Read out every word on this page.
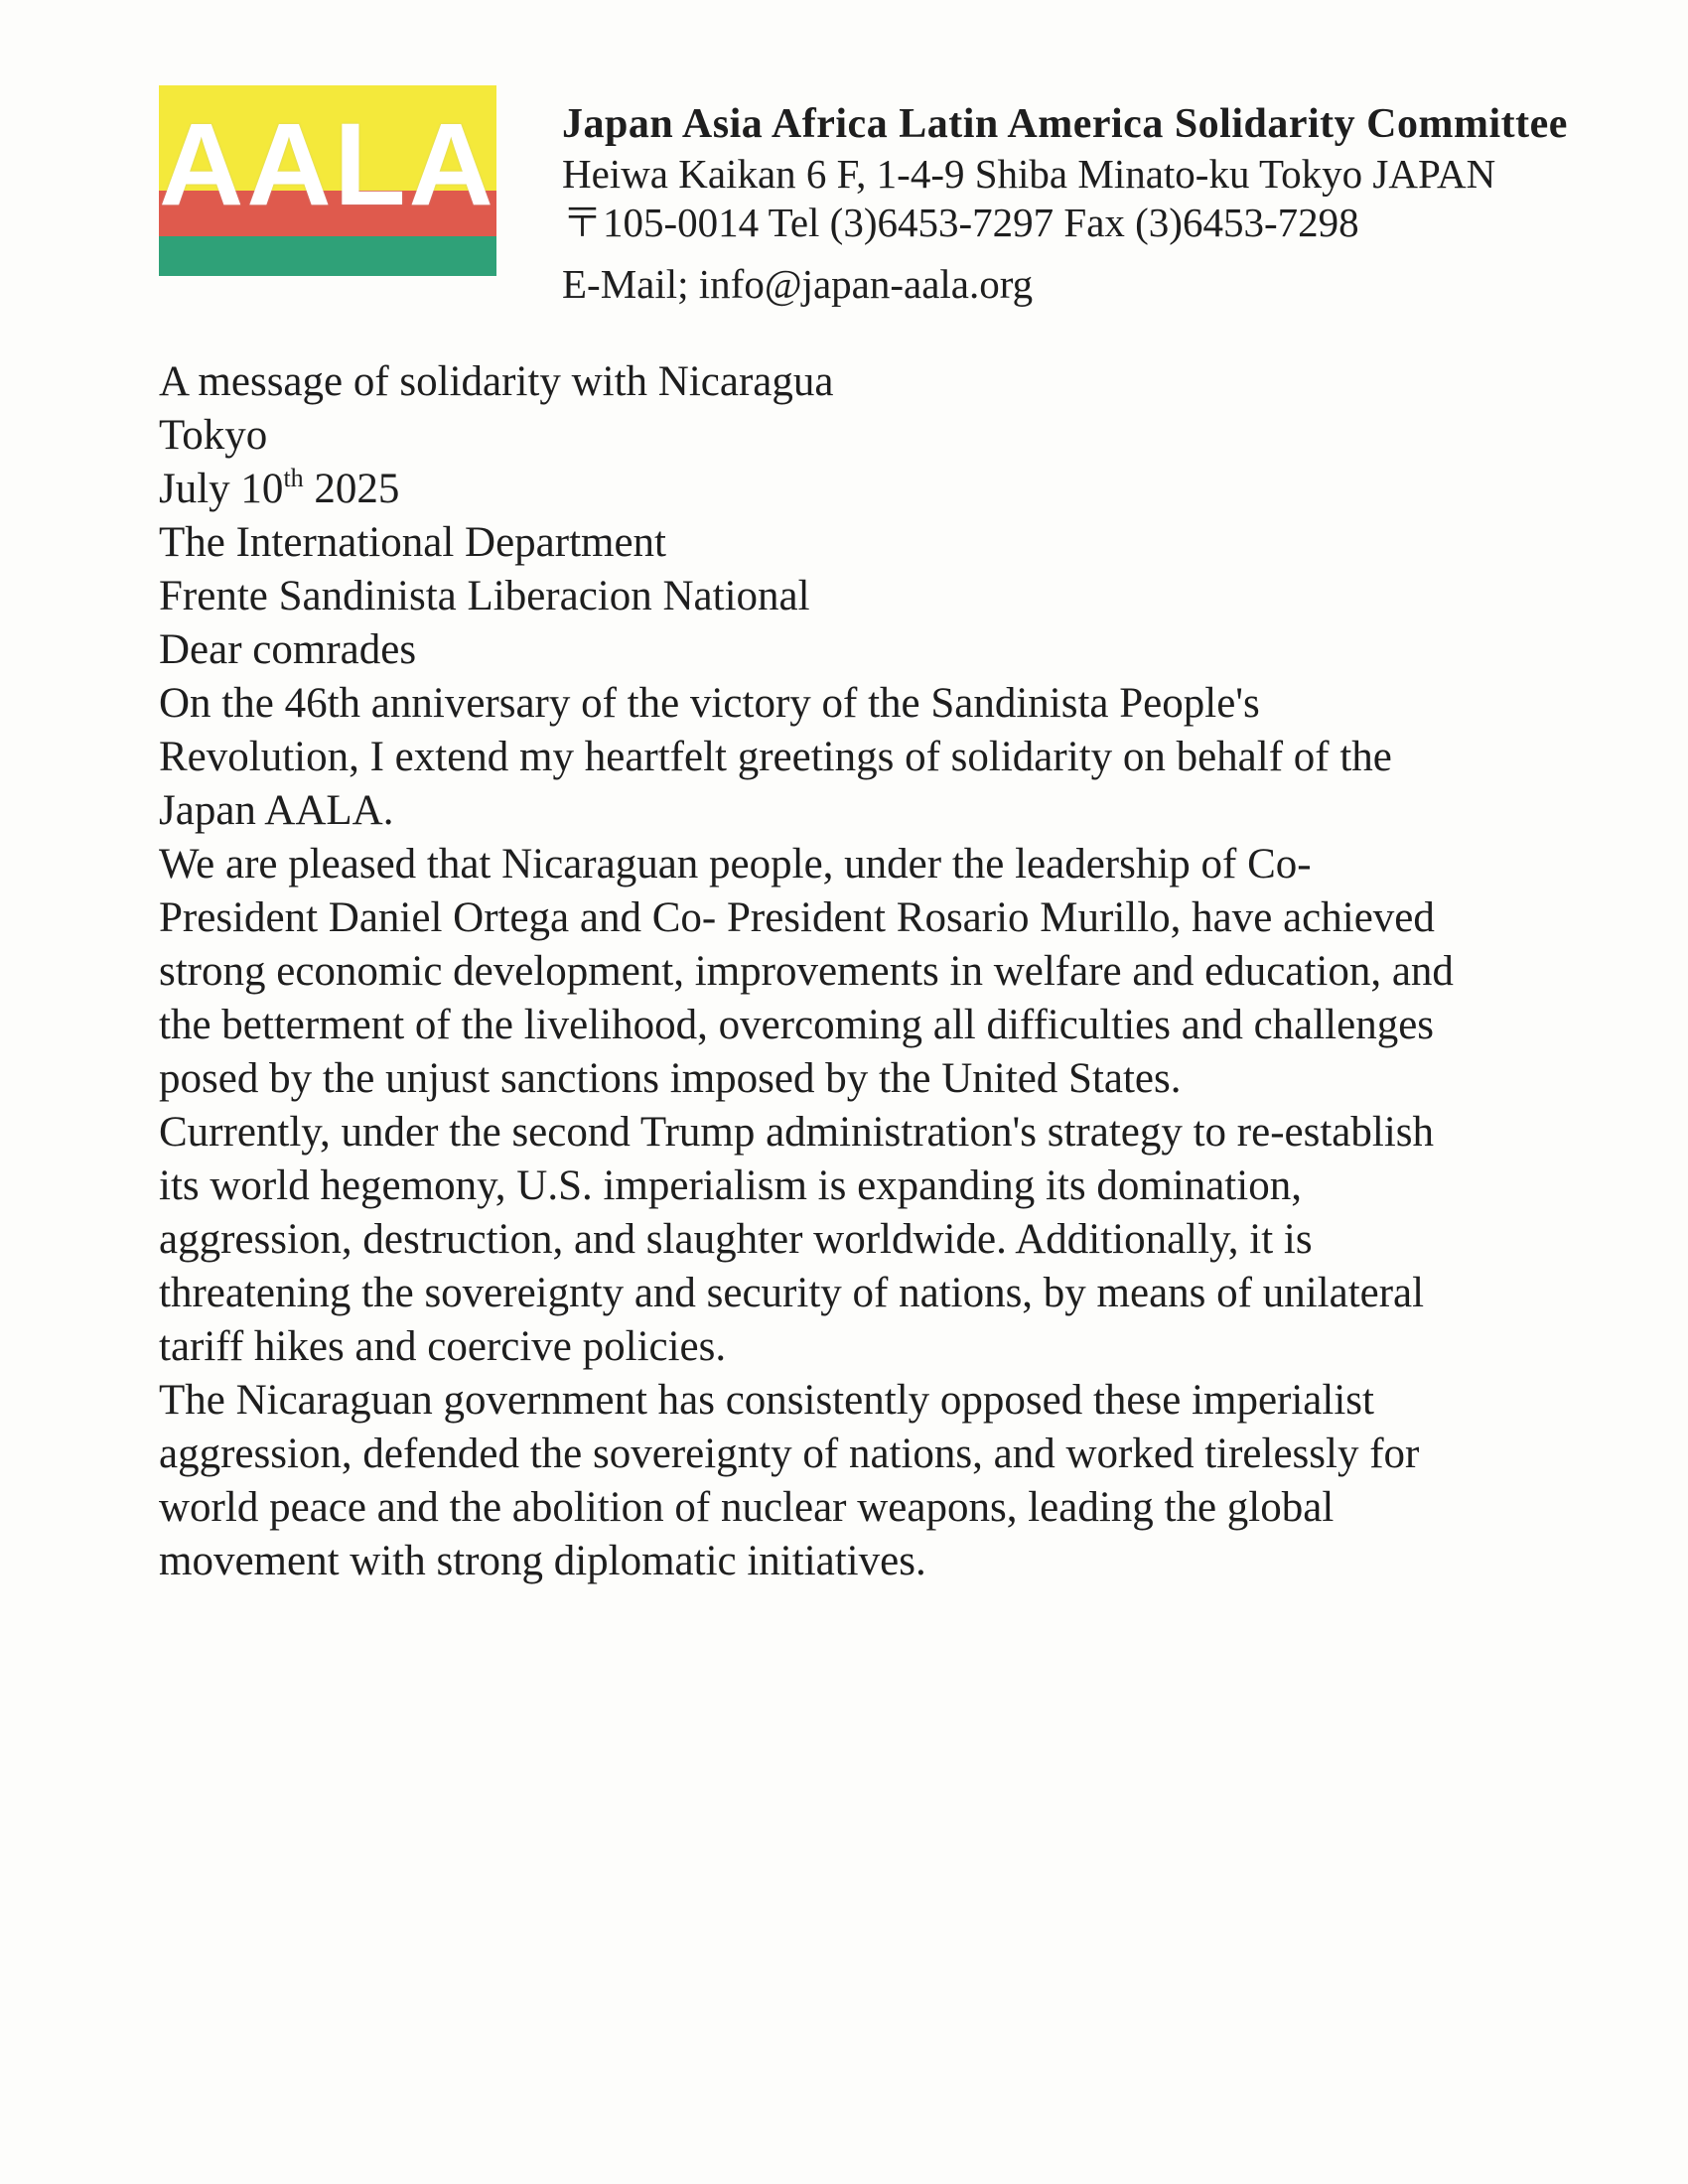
AALA Japan Asia Africa Latin America Solidarity Committee
Heiwa Kaikan 6 F, 1-4-9 Shiba Minato-ku Tokyo JAPAN
〒105-0014 Tel (3)6453-7297 Fax (3)6453-7298
E-Mail; info@japan-aala.org

A message of solidarity with Nicaragua

Tokyo

July 10th 2025

The International Department

Frente Sandinista Liberacion National

Dear comrades

On the 46th anniversary of the victory of the Sandinista People's Revolution, I extend my heartfelt greetings of solidarity on behalf of the Japan AALA.

We are pleased that Nicaraguan people, under the leadership of Co-President Daniel Ortega and Co- President Rosario Murillo, have achieved strong economic development, improvements in welfare and education, and the betterment of the livelihood, overcoming all difficulties and challenges posed by the unjust sanctions imposed by the United States.

Currently, under the second Trump administration's strategy to re-establish its world hegemony, U.S. imperialism is expanding its domination, aggression, destruction, and slaughter worldwide. Additionally, it is threatening the sovereignty and security of nations, by means of unilateral tariff hikes and coercive policies.

The Nicaraguan government has consistently opposed these imperialist aggression, defended the sovereignty of nations, and worked tirelessly for world peace and the abolition of nuclear weapons, leading the global movement with strong diplomatic initiatives.
